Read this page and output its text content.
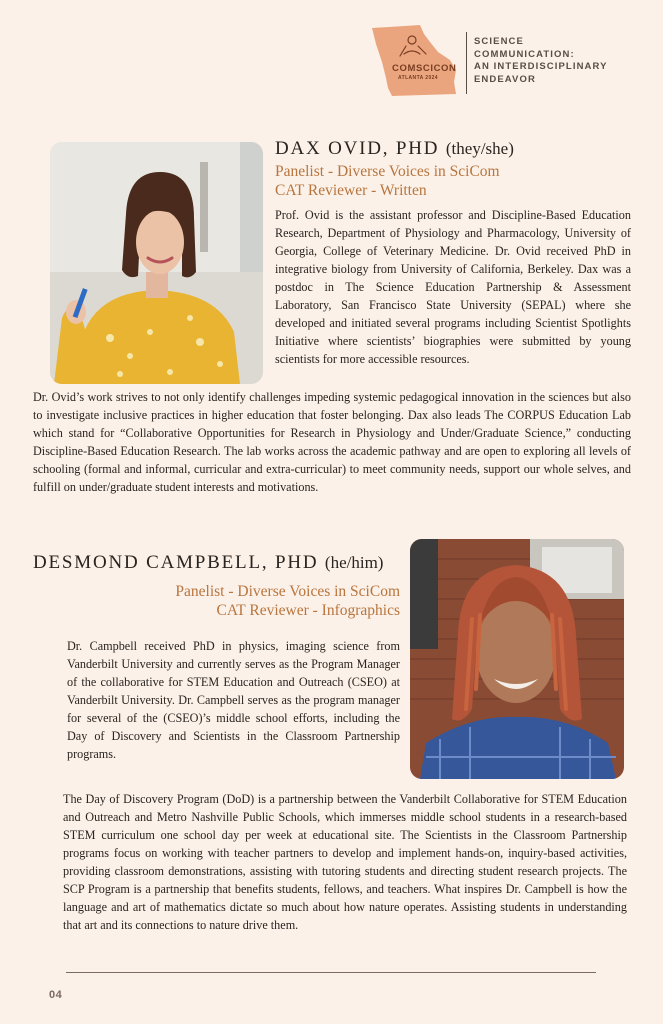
COMSCICON
ATLANTA 2024
SCIENCE
COMMUNICATION:
AN INTERDISCIPLINARY
ENDEAVOR
DAX OVID, PHD (they/she)
Panelist - Diverse Voices in SciCom
CAT Reviewer - Written

Prof. Ovid is the assistant professor and Discipline-Based Education Research, Department of Physiology and Pharmacology, University of Georgia, College of Veterinary Medicine. Dr. Ovid received PhD in integrative biology from University of California, Berkeley. Dax was a postdoc in The Science Education Partnership & Assessment Laboratory, San Francisco State University (SEPAL) where she developed and initiated several programs including Scientist Spotlights Initiative where scientists’ biographies were submitted by young scientists for more accessible resources.

Dr. Ovid’s work strives to not only identify challenges impeding systemic pedagogical innovation in the sciences but also to investigate inclusive practices in higher education that foster belonging. Dax also leads The CORPUS Education Lab which stand for “Collaborative Opportunities for Research in Physiology and Under/Graduate Science,” conducting Discipline-Based Education Research. The lab works across the academic pathway and are open to exploring all levels of schooling (formal and informal, curricular and extra-curricular) to meet community needs, support our whole selves, and fulfill on under/graduate student interests and motivations.

DESMOND CAMPBELL, PHD (he/him)
Panelist - Diverse Voices in SciCom
CAT Reviewer - Infographics

Dr. Campbell received PhD in physics, imaging science from Vanderbilt University and currently serves as the Program Manager of the collaborative for STEM Education and Outreach (CSEO) at Vanderbilt University. Dr. Campbell serves as the program manager for several of the (CSEO)’s middle school efforts, including the Day of Discovery and Scientists in the Classroom Partnership programs.

The Day of Discovery Program (DoD) is a partnership between the Vanderbilt Collaborative for STEM Education and Outreach and Metro Nashville Public Schools, which immerses middle school students in a research-based STEM curriculum one school day per week at educational site. The Scientists in the Classroom Partnership programs focus on working with teacher partners to develop and implement hands-on, inquiry-based activities, providing classroom demonstrations, assisting with tutoring students and directing student research projects. The SCP Program is a partnership that benefits students, fellows, and teachers. What inspires Dr. Campbell is how the language and art of mathematics dictate so much about how nature operates. Assisting students in understanding that art and its connections to nature drive them.

04
